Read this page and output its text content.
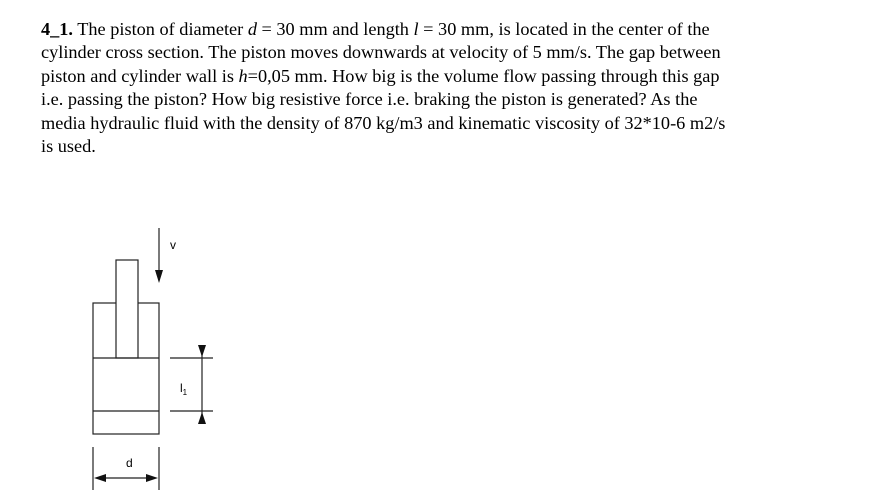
4_1. The piston of diameter d = 30 mm and length l = 30 mm, is located in the center of the

cylinder cross section. The piston moves downwards at velocity of 5 mm/s. The gap between

piston and cylinder wall is h=0,05 mm. How big is the volume flow passing through this gap

i.e. passing the piston? How big resistive force i.e. braking the piston is generated? As the

media hydraulic fluid with the density of 870 kg/m3 and kinematic viscosity of 32*10-6 m2/s

is used.

v
$l_1$
d
